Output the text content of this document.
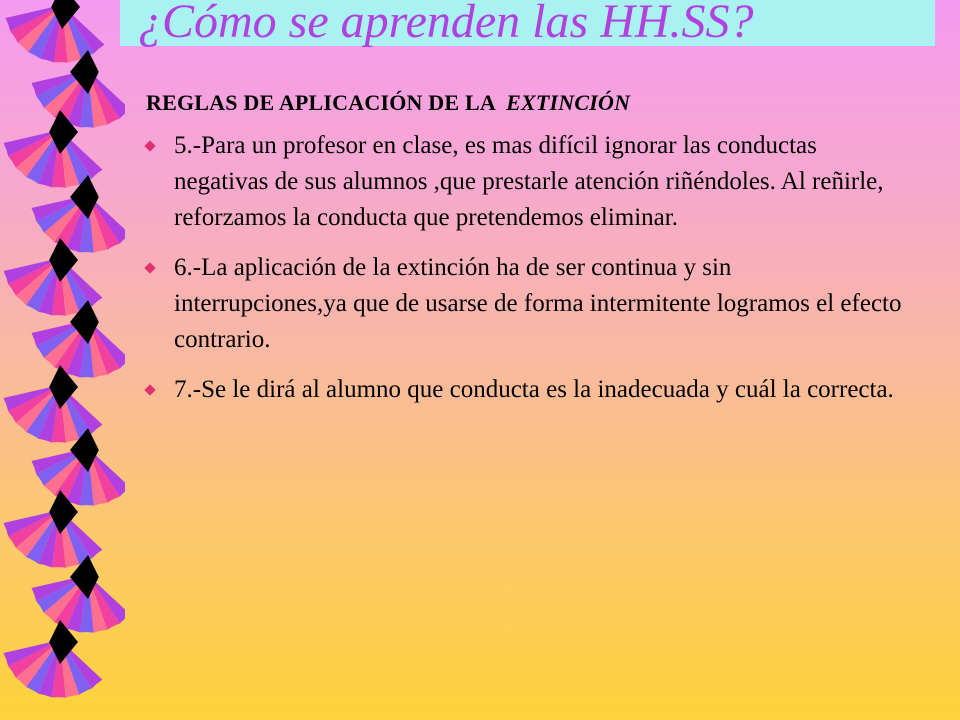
¿Cómo se aprenden las HH.SS?
REGLAS DE APLICACIÓN DE LA EXTINCIÓN
5.-Para un profesor en clase, es mas difícil ignorar las conductas negativas de sus alumnos ,que prestarle atención riñéndoles. Al reñirle, reforzamos la conducta que pretendemos eliminar.
6.-La aplicación de la extinción ha de ser continua y sin interrupciones,ya que de usarse de forma intermitente logramos el efecto contrario.
7.-Se le dirá al alumno que conducta es la inadecuada y cuál la correcta.
